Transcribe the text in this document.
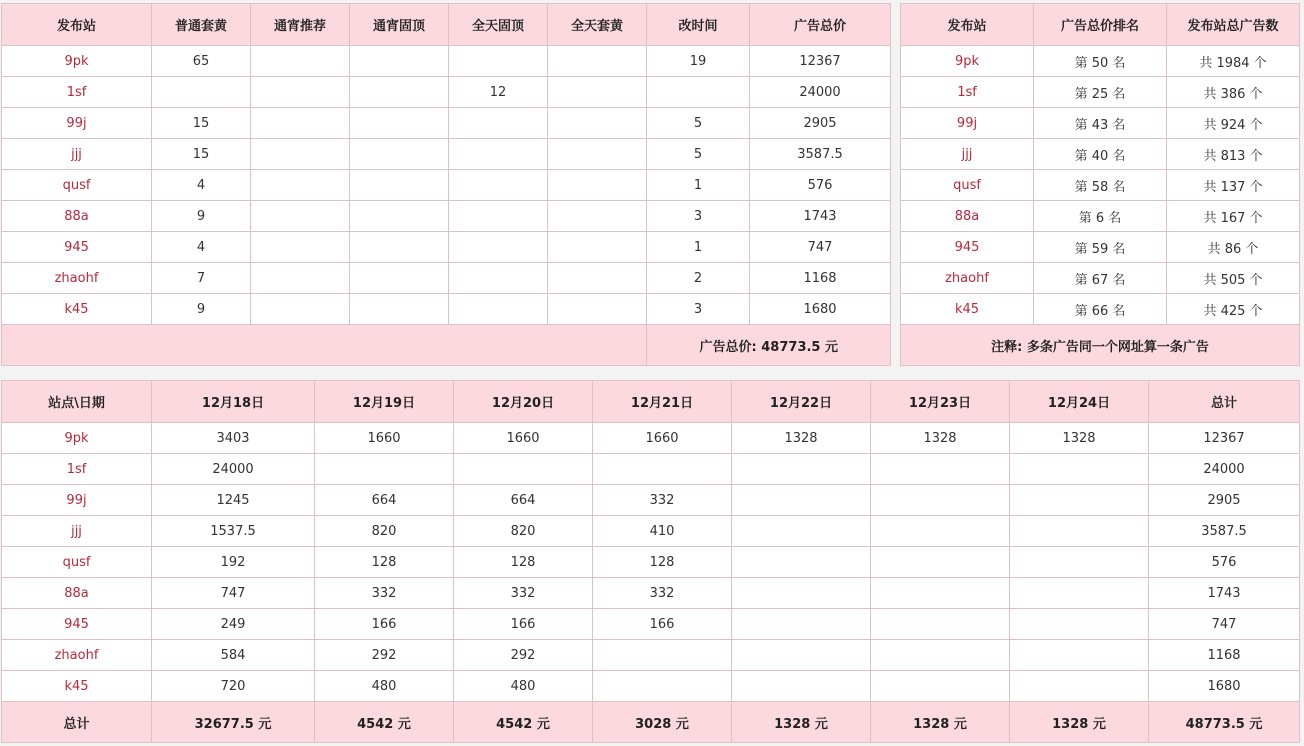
发布站	普通套黄	通宵推荐	通宵固顶	全天固顶	全天套黄	改时间	广告总价
9pk	65					19	12367
1sf				12			24000
99j	15					5	2905
jjj	15					5	3587.5
qusf	4					1	576
88a	9					3	1743
945	4					1	747
zhaohf	7					2	1168
k45	9					3	1680
						广告总价: 48773.5 元	
发布站	广告总价排名	发布站总广告数
9pk	第 50 名	共 1984 个
1sf	第 25 名	共 386 个
99j	第 43 名	共 924 个
jjj	第 40 名	共 813 个
qusf	第 58 名	共 137 个
88a	第 6 名	共 167 个
945	第 59 名	共 86 个
zhaohf	第 67 名	共 505 个
k45	第 66 名	共 425 个
注释: 多条广告同一个网址算一条广告		
站点\日期	12月18日	12月19日	12月20日	12月21日	12月22日	12月23日	12月24日	总计
9pk	3403	1660	1660	1660	1328	1328	1328	12367
1sf	24000							24000
99j	1245	664	664	332				2905
jjj	1537.5	820	820	410				3587.5
qusf	192	128	128	128				576
88a	747	332	332	332				1743
945	249	166	166	166				747
zhaohf	584	292	292					1168
k45	720	480	480					1680
总计	32677.5 元	4542 元	4542 元	3028 元	1328 元	1328 元	1328 元	48773.5 元
